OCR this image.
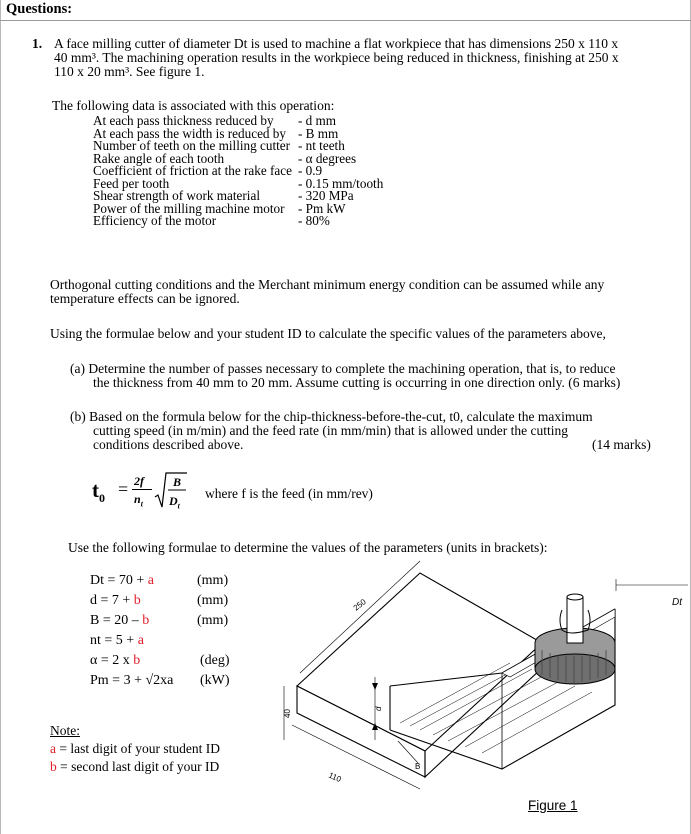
Questions:
1. A face milling cutter of diameter Dt is used to machine a flat workpiece that has dimensions 250 x 110 x
40 mm³. The machining operation results in the workpiece being reduced in thickness, finishing at 250 x
110 x 20 mm³. See figure 1.
The following data is associated with this operation:
At each pass thickness reduced by	- d mm
At each pass the width is reduced by	- B mm
Number of teeth on the milling cutter	- nt teeth
Rake angle of each tooth	- α degrees
Coefficient of friction at the rake face	- 0.9
Feed per tooth	- 0.15 mm/tooth
Shear strength of work material	- 320 MPa
Power of the milling machine motor	- Pm kW
Efficiency of the motor	- 80%
Orthogonal cutting conditions and the Merchant minimum energy condition can be assumed while any
temperature effects can be ignored.
Using the formulae below and your student ID to calculate the specific values of the parameters above,
(a) Determine the number of passes necessary to complete the machining operation, that is, to reduce
the thickness from 40 mm to 20 mm. Assume cutting is occurring in one direction only. (6 marks)
(b) Based on the formula below for the chip-thickness-before-the-cut, t0, calculate the maximum
cutting speed (in m/min) and the feed rate (in mm/min) that is allowed under the cutting
conditions described above.	(14 marks)
$t_0 = 2f$
$n_t$
B
$D_t$
where f is the feed (in mm/rev)
Use the following formulae to determine the values of the parameters (units in brackets):
Dt = 70 + a	(mm)
d = 7 + b	(mm)
B = 20 – b	(mm)
nt = 5 + a
α = 2 x b	(deg)
Pm = 3 + √2xa (kW)
Note:
a = last digit of your student ID
b = second last digit of your ID
250
110
40
d
B
Dt
Figure 1
